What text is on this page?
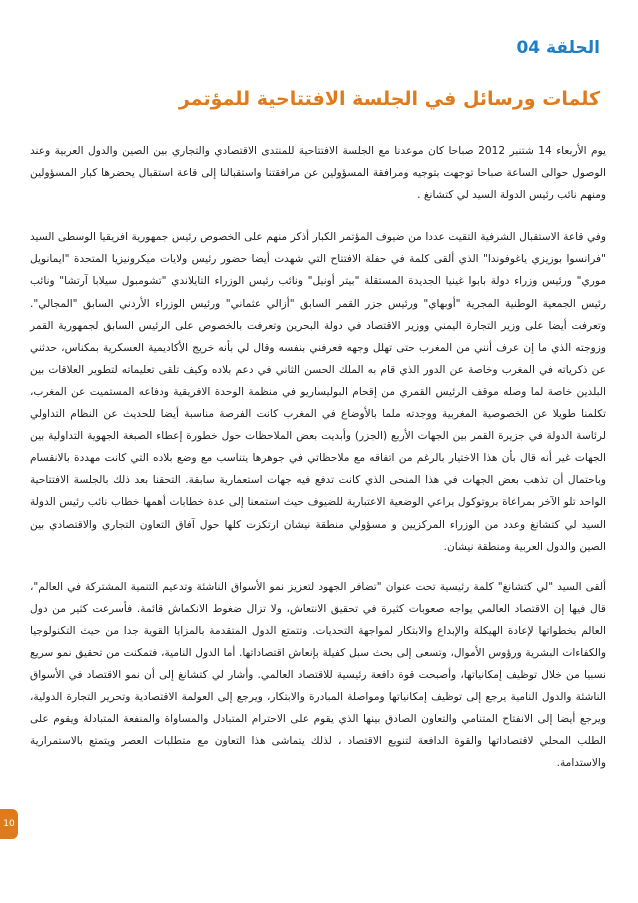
الحلقة 04
كلمات ورسائل في الجلسة الافتتاحية للمؤتمر

يوم الأربعاء 14 شتنبر 2012 صباحا كان موعدنا مع الجلسة الافتتاحية للمنتدى الاقتصادي والتجاري بين الصين والدول العربية وعند الوصول حوالى الساعة صباحا توجهت بتوجيه ومرافقة المسؤولين عن مرافقتنا واستقبالنا إلى قاعة استقبال يحضرها كبار المسؤولين ومنهم نائب رئيس الدولة السيد لي كتشانغ .

وفي قاعة الاستقبال الشرفية التقيت عددا من ضيوف المؤتمر الكبار أذكر منهم على الخصوص رئيس جمهورية افريقيا الوسطى السيد "فرانسوا بوزيزي ياغوفوندا" الذي ألقى كلمة في حفلة الافتتاح التي شهدت أيضا حضور رئيس ولايات ميكرونيزيا المتحدة "ايمانويل موري" ورئيس وزراء دولة بابوا غينيا الجديدة المستقلة "بيتر أونيل" ونائب رئيس الوزراء التايلاندي "تشومبول سيلابا آرتشا" ونائب رئيس الجمعية الوطنية المجرية "أوبهاي" ورئيس جزر القمر السابق "أزالي عثماني" ورئيس الوزراء الأردني السابق "المجالي". وتعرفت أيضا على وزير التجارة اليمني ووزير الاقتصاد في دولة البحرين وتعرفت بالخصوص على الرئيس السابق لجمهورية القمر وزوجته الذي ما إن عرف أنني من المغرب حتى تهلل وجهه فعرفني بنفسه وقال لي بأنه خريج الأكاديمية العسكرية بمكناس، حدثني عن ذكرياته في المغرب وخاصة عن الدور الذي قام به الملك الحسن الثاني في دعم بلاده وكيف تلقى تعليماته لتطوير العلاقات بين البلدين خاصة لما وصله موقف الرئيس القمري من إقحام البوليساريو في منظمة الوحدة الافريقية ودفاعه المستميت عن المغرب، تكلمنا طويلا عن الخصوصية المغربية ووجدته ملما بالأوضاع في المغرب كانت الفرصة مناسبة أيضا للحديث عن النظام التداولي لرئاسة الدولة في جزيرة القمر بين الجهات الأربع (الجزر) وأبديت بعض الملاحظات حول خطورة إعطاء الصبغة الجهوية التداولية بين الجهات غير أنه قال بأن هذا الاختيار بالرغم من اتفاقه مع ملاحظاتي في جوهرها يتناسب مع وضع بلاده التي كانت مهددة بالانقسام وباحتمال أن تذهب بعض الجهات في هذا المنحى الذي كانت تدفع فيه جهات استعمارية سابقة. التحقنا بعد ذلك بالجلسة الافتتاحية الواحد تلو الآخر بمراعاة بروتوكول يراعي الوضعية الاعتبارية للضيوف حيث استمعنا إلى عدة خطابات أهمها خطاب نائب رئيس الدولة السيد لي كتشانغ وعدد من الوزراء المركزيين و مسؤولي منطقة نيشان ارتكزت كلها حول آفاق التعاون التجاري والاقتصادي بين الصين والدول العربية ومنطقة نيشان.

ألقى السيد "لي كتشانغ" كلمة رئيسية تحت عنوان "تضافر الجهود لتعزيز نمو الأسواق الناشئة وتدعيم التنمية المشتركة في العالم"، قال فيها إن الاقتصاد العالمي يواجه صعوبات كثيرة في تحقيق الانتعاش، ولا تزال ضغوط الانكماش قائمة. فأسرعت كثير من دول العالم بخطواتها لإعادة الهيكلة والإبداع والابتكار لمواجهة التحديات. وتتمتع الدول المتقدمة بالمزايا القوية جدا من حيث التكنولوجيا والكفاءات البشرية ورؤوس الأموال، وتسعى إلى بحث سبل كفيلة بإنعاش اقتصاداتها. أما الدول النامية، فتمكنت من تحقيق نمو سريع نسبيا من خلال توظيف إمكانياتها، وأصبحت قوة دافعة رئيسية للاقتصاد العالمي. وأشار لي كتشانغ إلى أن نمو الاقتصاد في الأسواق الناشئة والدول النامية يرجع إلى توظيف إمكانياتها ومواصلة المبادرة والابتكار، ويرجع إلى العولمة الاقتصادية وتحرير التجارة الدولية، ويرجع أيضا إلى الانفتاح المتنامي والتعاون الصادق بينها الذي يقوم على الاحترام المتبادل والمساواة والمنفعة المتبادلة ويقوم على الطلب المحلي لاقتصاداتها والقوة الدافعة لتنويع الاقتصاد ، لذلك يتماشى هذا التعاون مع متطلبات العصر ويتمتع بالاستمرارية والاستدامة.

10
